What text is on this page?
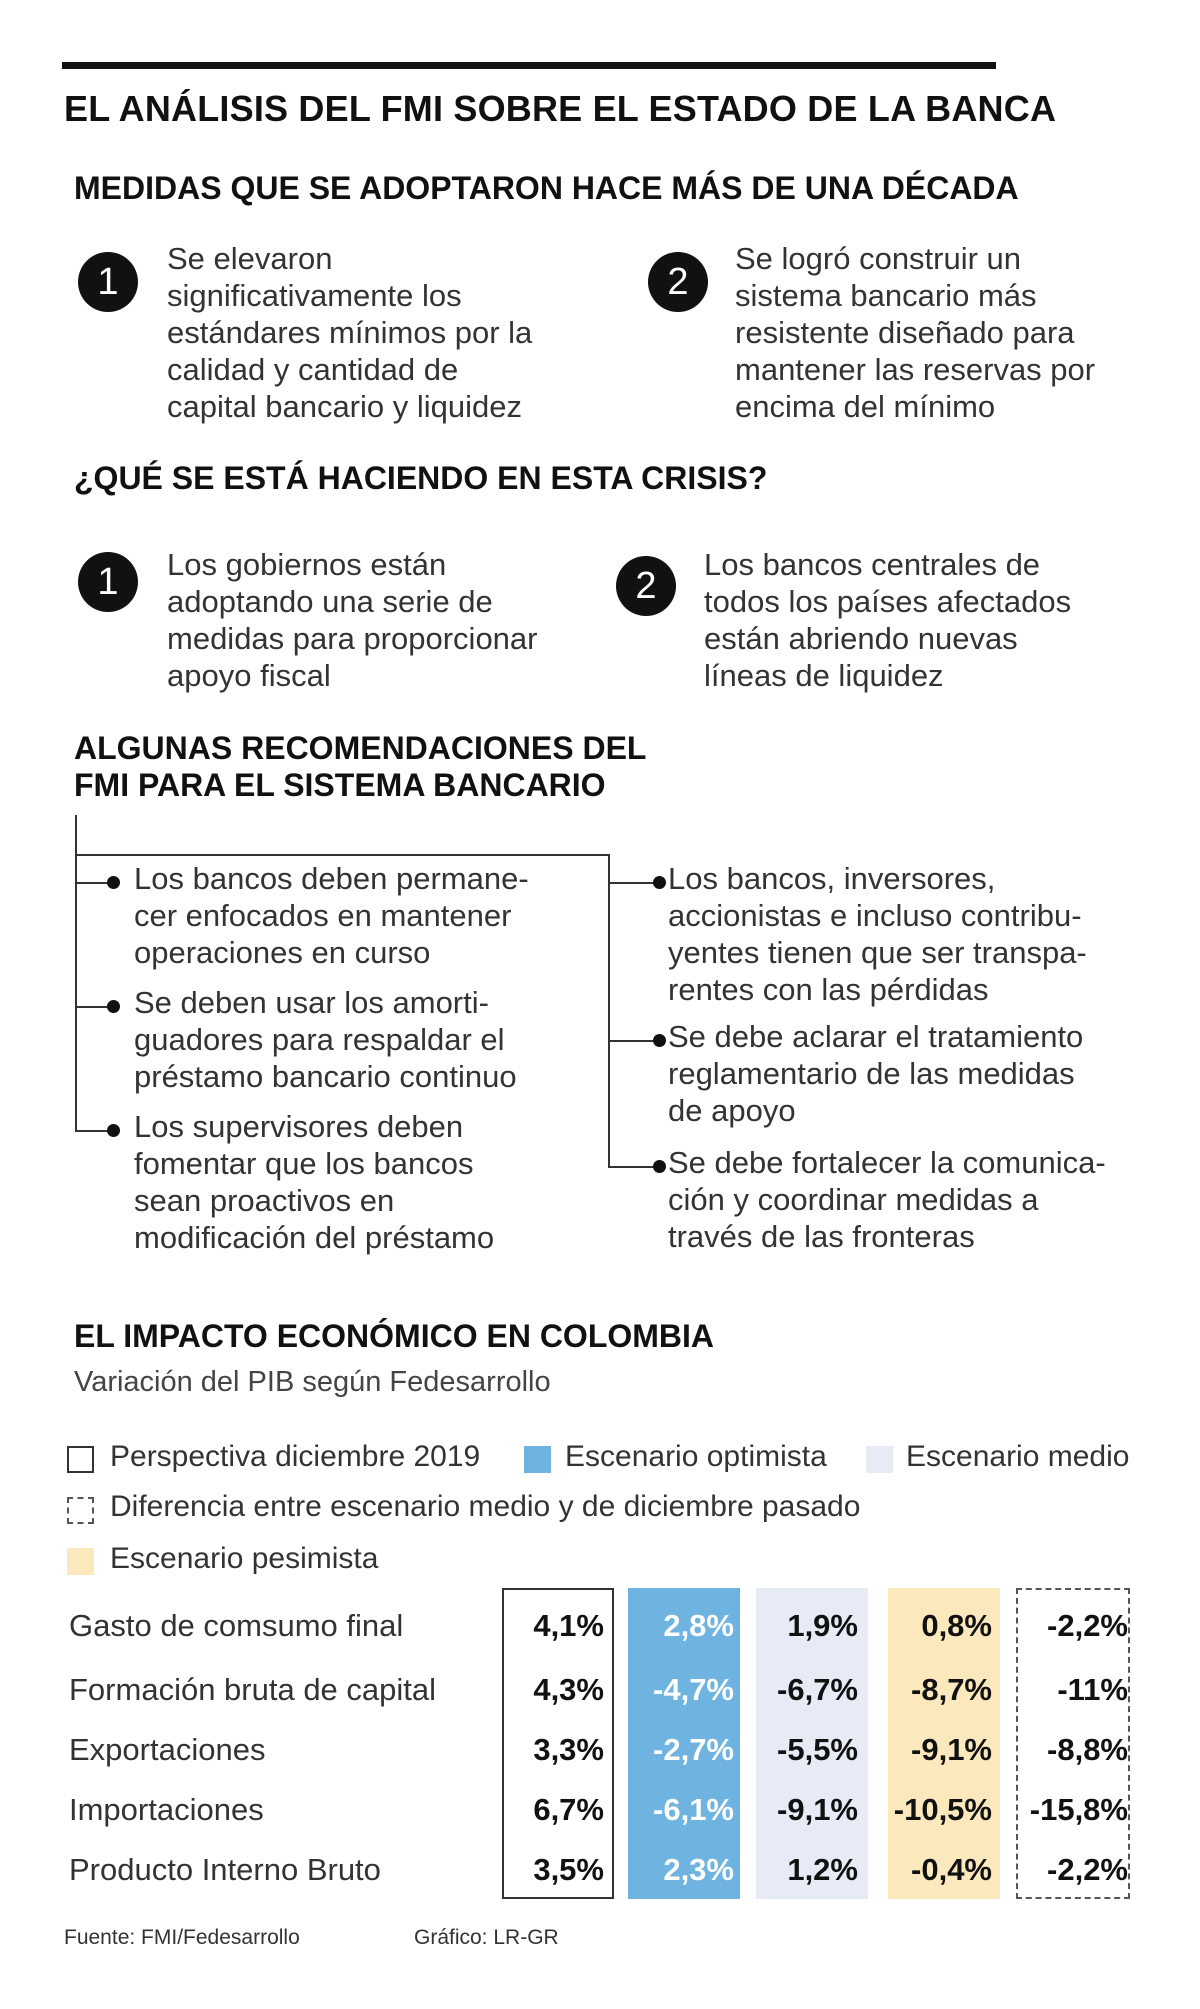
EL ANÁLISIS DEL FMI SOBRE EL ESTADO DE LA BANCA
MEDIDAS QUE SE ADOPTARON HACE MÁS DE UNA DÉCADA
1
Se elevaron
significativamente los
estándares mínimos por la
calidad y cantidad de
capital bancario y liquidez
2
Se logró construir un
sistema bancario más
resistente diseñado para
mantener las reservas por
encima del mínimo
¿QUÉ SE ESTÁ HACIENDO EN ESTA CRISIS?
1	Los gobiernos están
adoptando una serie de
medidas para proporcionar
apoyo fiscal
2	Los bancos centrales de
todos los países afectados
están abriendo nuevas
líneas de liquidez
ALGUNAS RECOMENDACIONES DEL
FMI PARA EL SISTEMA BANCARIO
Los bancos deben permane-
cer enfocados en mantener
operaciones en curso
Se deben usar los amorti-
guadores para respaldar el
préstamo bancario continuo
Los supervisores deben
fomentar que los bancos
sean proactivos en
modificación del préstamo
Los bancos, inversores,
accionistas e incluso contribu-
yentes tienen que ser transpa-
rentes con las pérdidas
Se debe aclarar el tratamiento
reglamentario de las medidas
de apoyo
Se debe fortalecer la comunica-
ción y coordinar medidas a
través de las fronteras
EL IMPACTO ECONÓMICO EN COLOMBIA
Variación del PIB según Fedesarrollo
Perspectiva diciembre 2019	Escenario optimista	Escenario medio
Diferencia entre escenario medio y de diciembre pasado
Escenario pesimista
Gasto de comsumo final	4,1% 2,8% 1,9% 0,8% -2,2%
Formación bruta de capital	4,3% -4,7% -6,7% -8,7% -11%
Exportaciones	3,3% -2,7% -5,5% -9,1% -8,8%
Importaciones	6,7% -6,1% -9,1% -10,5% -15,8%
Producto Interno Bruto	3,5% 2,3% 1,2% -0,4% -2,2%
Fuente: FMI/Fedesarrollo	Gráfico: LR-GR
